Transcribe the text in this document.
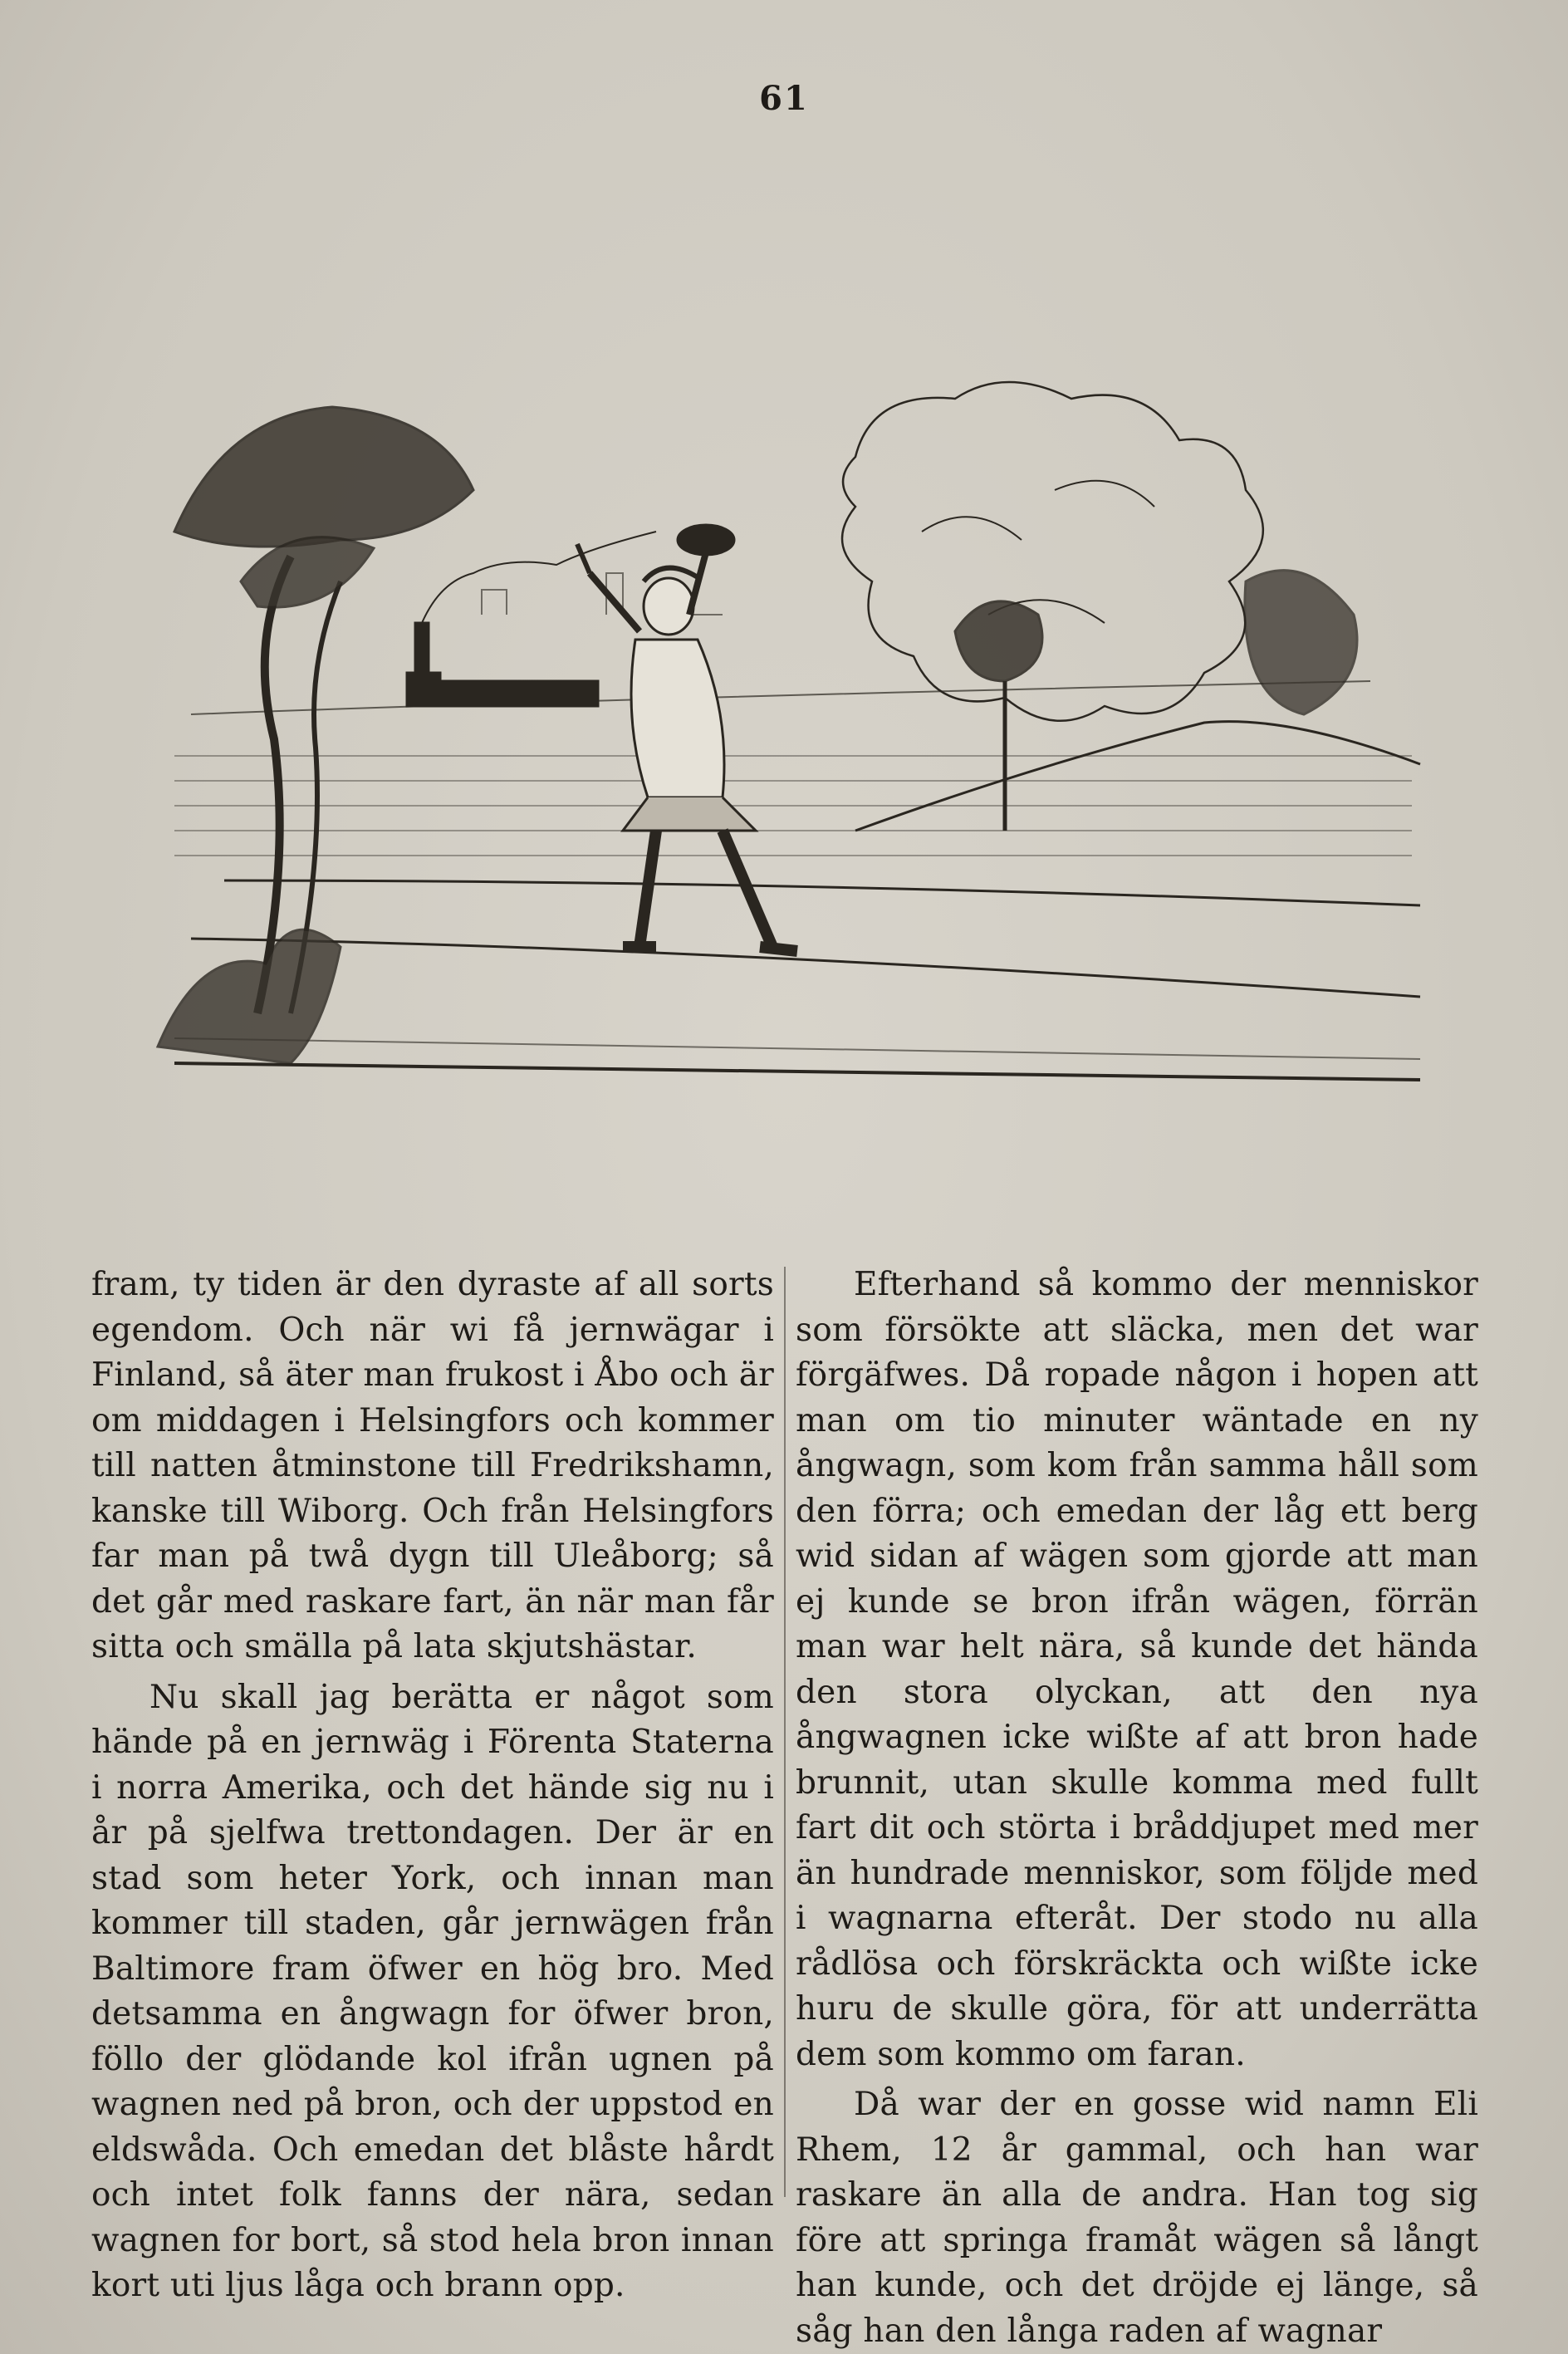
61

fram, ty tiden är den dyraste af all sorts egendom. Och när wi få jernwägar i Finland, så äter man frukost i Åbo och är om middagen i Helsingfors och kommer till natten åtminstone till Fredrikshamn, kanske till Wiborg. Och från Helsingfors far man på twå dygn till Uleåborg; så det går med raskare fart, än när man får sitta och smälla på lata skjutshästar.

Nu skall jag berätta er något som hände på en jernwäg i Förenta Staterna i norra Amerika, och det hände sig nu i år på sjelfwa trettondagen. Der är en stad som heter York, och innan man kommer till staden, går jernwägen från Baltimore fram öfwer en hög bro. Med detsamma en ångwagn for öfwer bron, föllo der glödande kol ifrån ugnen på wagnen ned på bron, och der uppstod en eldswåda. Och emedan det blåste hårdt och intet folk fanns der nära, sedan wagnen for bort, så stod hela bron innan kort uti ljus låga och brann opp.

Efterhand så kommo der menniskor som försökte att släcka, men det war förgäfwes. Då ropade någon i hopen att man om tio minuter wäntade en ny ångwagn, som kom från samma håll som den förra; och emedan der låg ett berg wid sidan af wägen som gjorde att man ej kunde se bron ifrån wägen, förrän man war helt nära, så kunde det hända den stora olyckan, att den nya ångwagnen icke wißte af att bron hade brunnit, utan skulle komma med fullt fart dit och störta i bråddjupet med mer än hundrade menniskor, som följde med i wagnarna efteråt. Der stodo nu alla rådlösa och förskräckta och wißte icke huru de skulle göra, för att underrätta dem som kommo om faran.

Då war der en gosse wid namn Eli Rhem, 12 år gammal, och han war raskare än alla de andra. Han tog sig före att springa framåt wägen så långt han kunde, och det dröjde ej länge, så såg han den långa raden af wagnar
